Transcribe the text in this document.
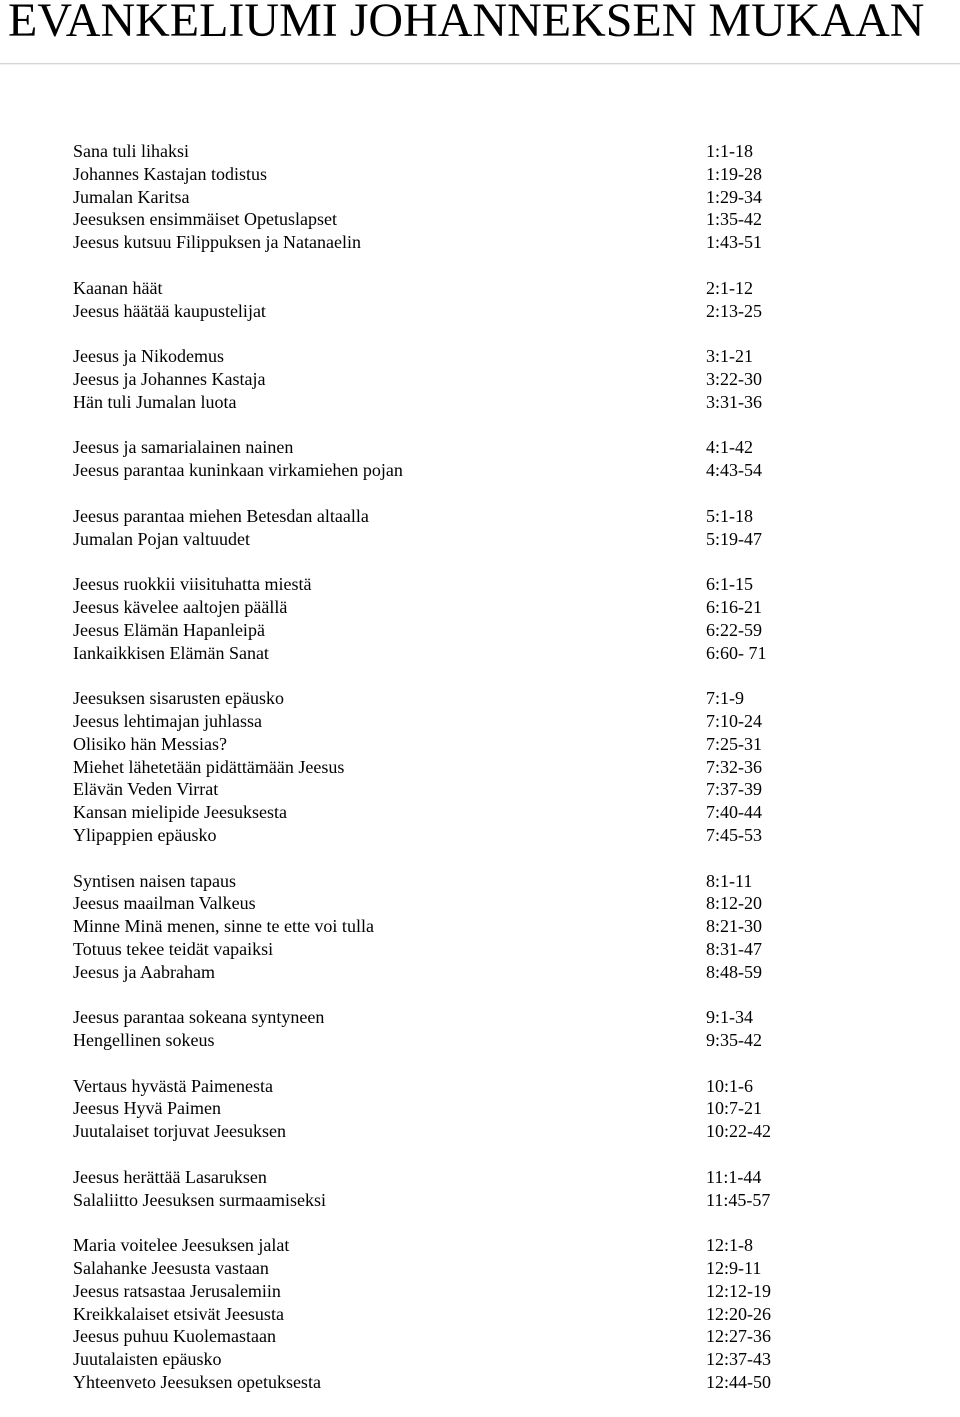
EVANKELIUMI JOHANNEKSEN MUKAAN
Sana tuli lihaksi	1:1-18
Johannes Kastajan todistus	1:19-28
Jumalan Karitsa	1:29-34
Jeesuksen ensimmäiset Opetuslapset	1:35-42
Jeesus kutsuu Filippuksen ja Natanaelin	1:43-51
Kaanan häät	2:1-12
Jeesus häätää kaupustelijat	2:13-25
Jeesus ja Nikodemus	3:1-21
Jeesus ja Johannes Kastaja	3:22-30
Hän tuli Jumalan luota	3:31-36
Jeesus ja samarialainen nainen	4:1-42
Jeesus parantaa kuninkaan virkamiehen pojan	4:43-54
Jeesus parantaa miehen Betesdan altaalla	5:1-18
Jumalan Pojan valtuudet	5:19-47
Jeesus ruokkii viisituhatta miestä	6:1-15
Jeesus kävelee aaltojen päällä	6:16-21
Jeesus Elämän Hapanleipä	6:22-59
Iankaikkisen Elämän Sanat	6:60- 71
Jeesuksen sisarusten epäusko	7:1-9
Jeesus lehtimajan juhlassa	7:10-24
Olisiko hän Messias?	7:25-31
Miehet lähetetään pidättämään Jeesus	7:32-36
Elävän Veden Virrat	7:37-39
Kansan mielipide Jeesuksesta	7:40-44
Ylipappien epäusko	7:45-53
Syntisen naisen tapaus	8:1-11
Jeesus maailman Valkeus	8:12-20
Minne Minä menen, sinne te ette voi tulla	8:21-30
Totuus tekee teidät vapaiksi	8:31-47
Jeesus ja Aabraham	8:48-59
Jeesus parantaa sokeana syntyneen	9:1-34
Hengellinen sokeus	9:35-42
Vertaus hyvästä Paimenesta	10:1-6
Jeesus Hyvä Paimen	10:7-21
Juutalaiset torjuvat Jeesuksen	10:22-42
Jeesus herättää Lasaruksen	11:1-44
Salaliitto Jeesuksen surmaamiseksi	11:45-57
Maria voitelee Jeesuksen jalat	12:1-8
Salahanke Jeesusta vastaan	12:9-11
Jeesus ratsastaa Jerusalemiin	12:12-19
Kreikkalaiset etsivät Jeesusta	12:20-26
Jeesus puhuu Kuolemastaan	12:27-36
Juutalaisten epäusko	12:37-43
Yhteenveto Jeesuksen opetuksesta	12:44-50
